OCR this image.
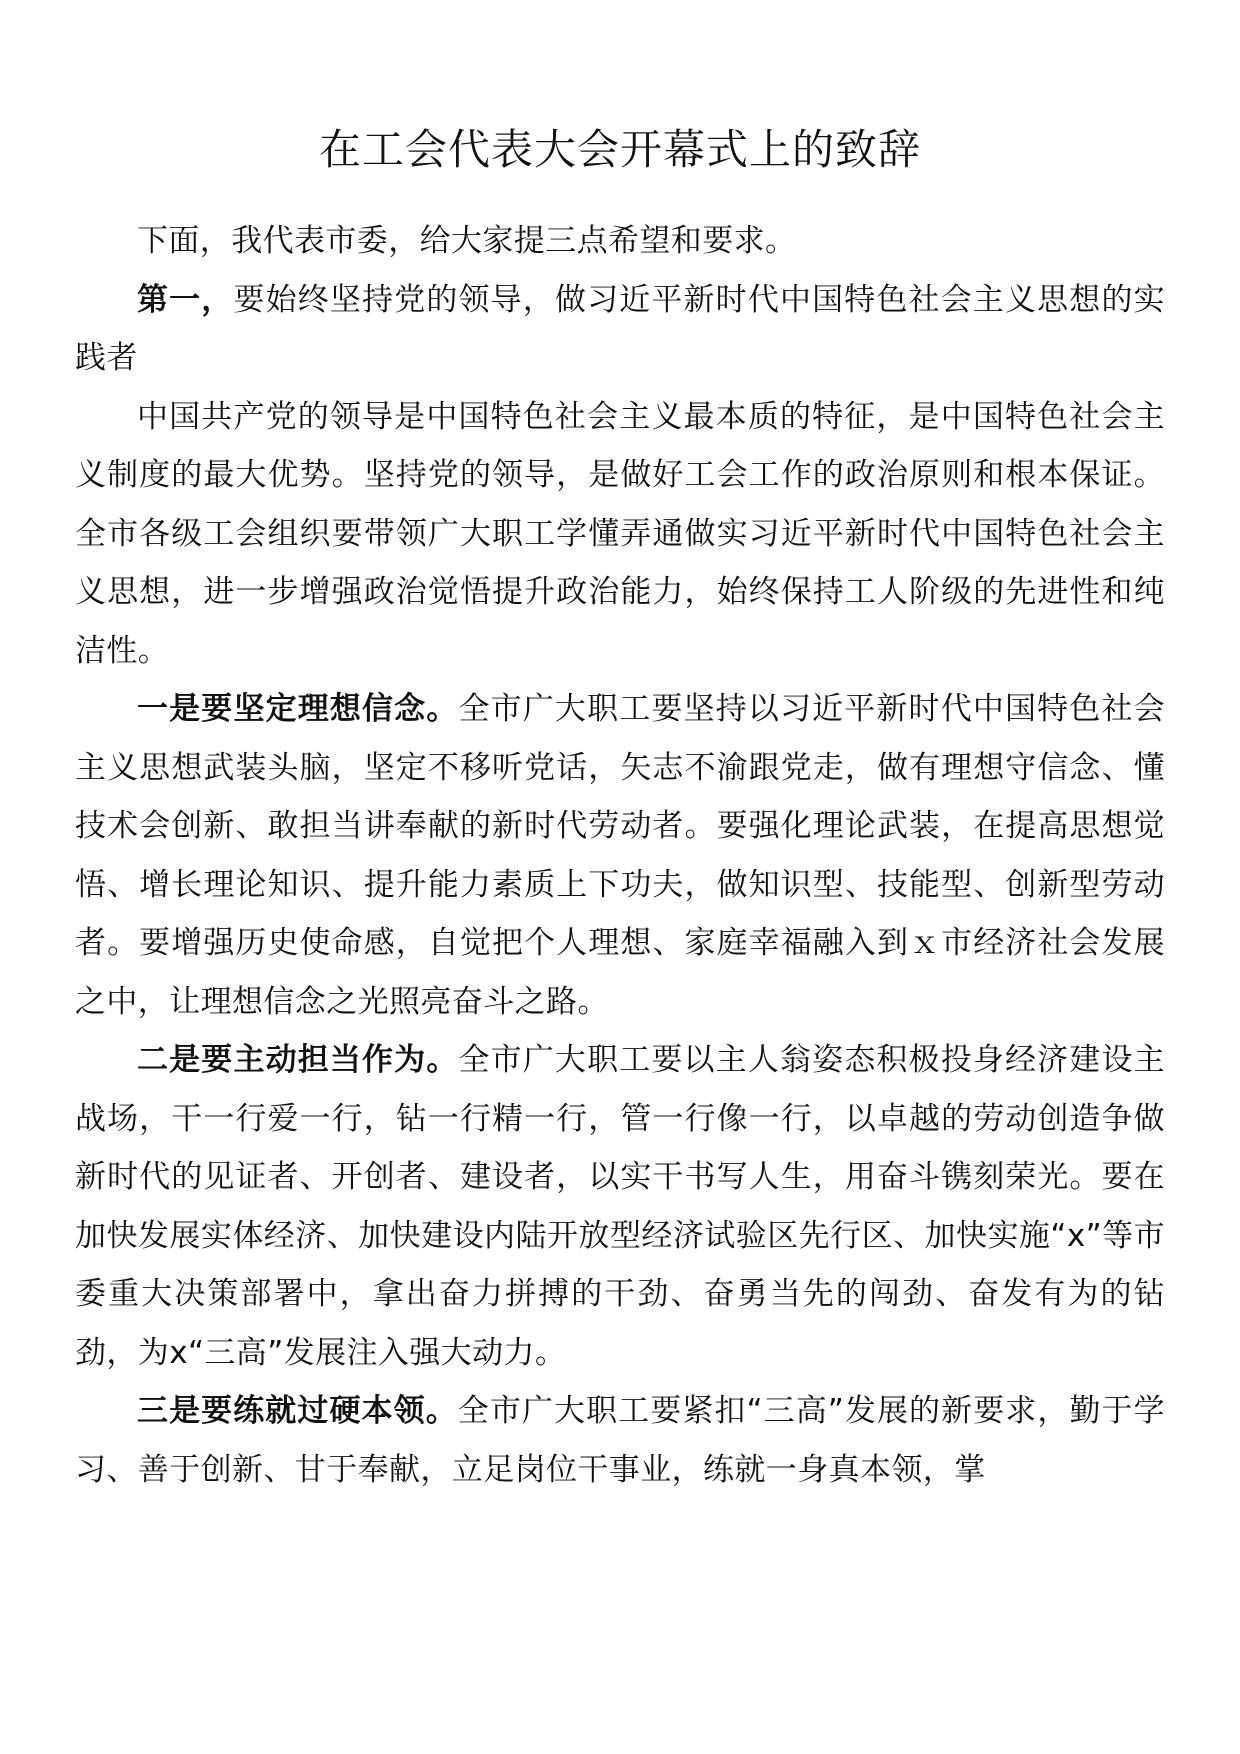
在工会代表大会开幕式上的致辞

下面，我代表市委，给大家提三点希望和要求。

第一，要始终坚持党的领导，做习近平新时代中国特色社会主义思想的实践者

中国共产党的领导是中国特色社会主义最本质的特征，是中国特色社会主义制度的最大优势。坚持党的领导，是做好工会工作的政治原则和根本保证。全市各级工会组织要带领广大职工学懂弄通做实习近平新时代中国特色社会主义思想，进一步增强政治觉悟提升政治能力，始终保持工人阶级的先进性和纯洁性。

一是要坚定理想信念。全市广大职工要坚持以习近平新时代中国特色社会主义思想武装头脑，坚定不移听党话，矢志不渝跟党走，做有理想守信念、懂技术会创新、敢担当讲奉献的新时代劳动者。要强化理论武装，在提高思想觉悟、增长理论知识、提升能力素质上下功夫，做知识型、技能型、创新型劳动者。要增强历史使命感，自觉把个人理想、家庭幸福融入到ｘ市经济社会发展之中，让理想信念之光照亮奋斗之路。

二是要主动担当作为。全市广大职工要以主人翁姿态积极投身经济建设主战场，干一行爱一行，钻一行精一行，管一行像一行，以卓越的劳动创造争做新时代的见证者、开创者、建设者，以实干书写人生，用奋斗镌刻荣光。要在加快发展实体经济、加快建设内陆开放型经济试验区先行区、加快实施“x”等市委重大决策部署中，拿出奋力拼搏的干劲、奋勇当先的闯劲、奋发有为的钻劲，为x“三高”发展注入强大动力。

三是要练就过硬本领。全市广大职工要紧扣“三高”发展的新要求，勤于学习、善于创新、甘于奉献，立足岗位干事业，练就一身真本领，掌
